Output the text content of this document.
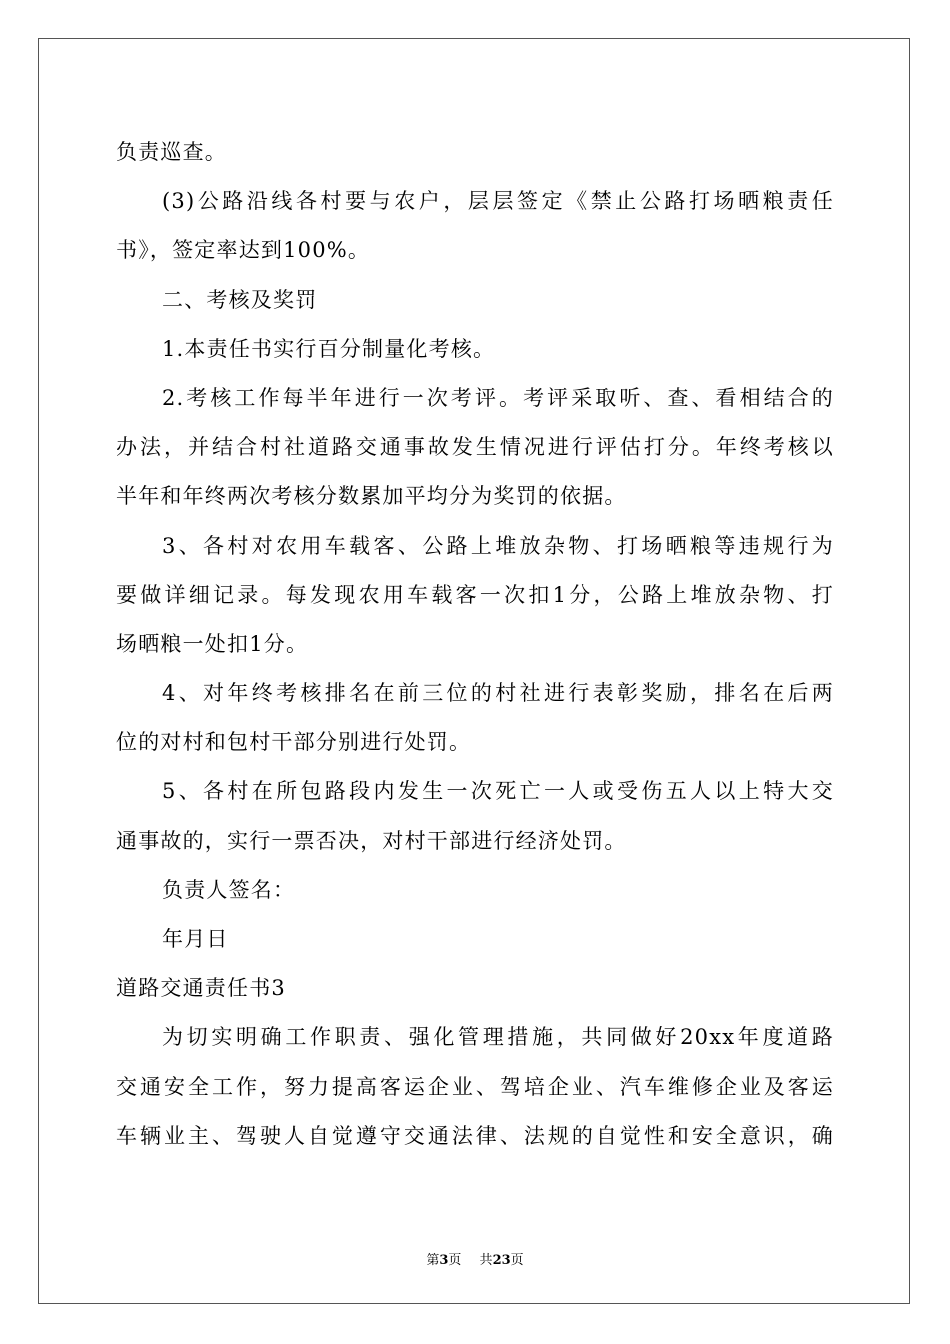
负责巡查。
(3)公路沿线各村要与农户，层层签定《禁止公路打场晒粮责任
书》，签定率达到100%。
二、考核及奖罚
1.本责任书实行百分制量化考核。
2.考核工作每半年进行一次考评。考评采取听、查、看相结合的
办法，并结合村社道路交通事故发生情况进行评估打分。年终考核以
半年和年终两次考核分数累加平均分为奖罚的依据。
3、各村对农用车载客、公路上堆放杂物、打场晒粮等违规行为
要做详细记录。每发现农用车载客一次扣1分，公路上堆放杂物、打
场晒粮一处扣1分。
4、对年终考核排名在前三位的村社进行表彰奖励，排名在后两
位的对村和包村干部分别进行处罚。
5、各村在所包路段内发生一次死亡一人或受伤五人以上特大交
通事故的，实行一票否决，对村干部进行经济处罚。
负责人签名：
年月日
道路交通责任书3
为切实明确工作职责、强化管理措施，共同做好20xx年度道路
交通安全工作，努力提高客运企业、驾培企业、汽车维修企业及客运
车辆业主、驾驶人自觉遵守交通法律、法规的自觉性和安全意识，确
第3页 共23页
